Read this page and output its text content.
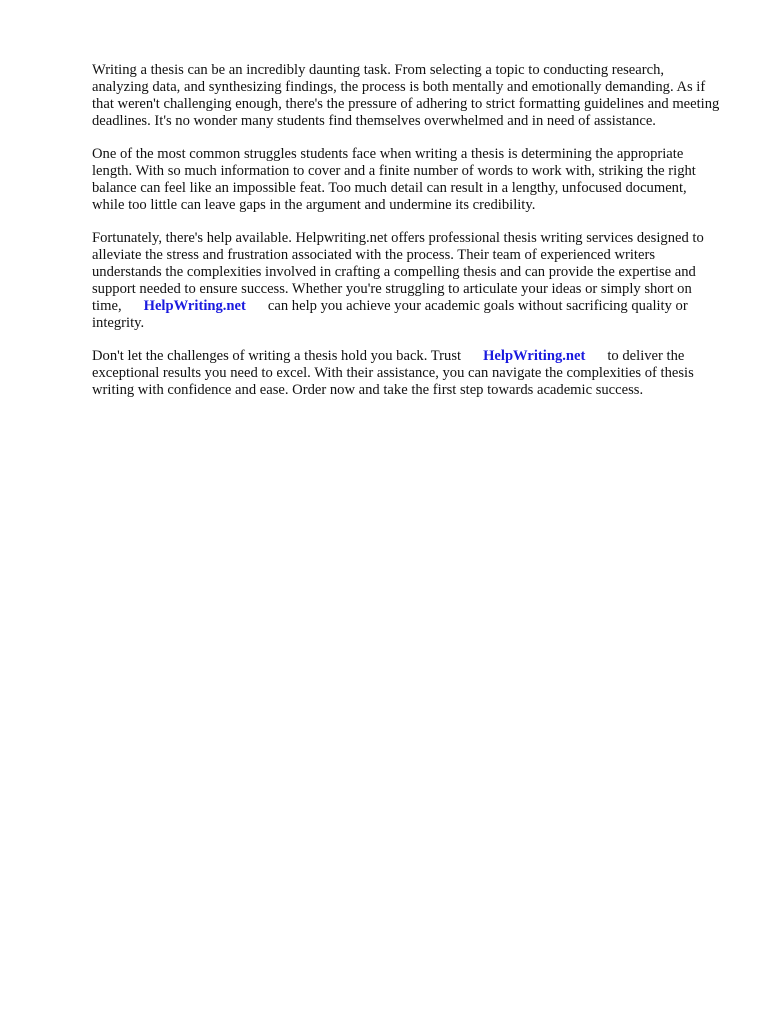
Writing a thesis can be an incredibly daunting task. From selecting a topic to conducting research, analyzing data, and synthesizing findings, the process is both mentally and emotionally demanding. As if that weren't challenging enough, there's the pressure of adhering to strict formatting guidelines and meeting deadlines. It's no wonder many students find themselves overwhelmed and in need of assistance.

One of the most common struggles students face when writing a thesis is determining the appropriate length. With so much information to cover and a finite number of words to work with, striking the right balance can feel like an impossible feat. Too much detail can result in a lengthy, unfocused document, while too little can leave gaps in the argument and undermine its credibility.

Fortunately, there's help available. Helpwriting.net offers professional thesis writing services designed to alleviate the stress and frustration associated with the process. Their team of experienced writers understands the complexities involved in crafting a compelling thesis and can provide the expertise and support needed to ensure success. Whether you're struggling to articulate your ideas or simply short on time, HelpWriting.net can help you achieve your academic goals without sacrificing quality or integrity.

Don't let the challenges of writing a thesis hold you back. Trust HelpWriting.net to deliver the exceptional results you need to excel. With their assistance, you can navigate the complexities of thesis writing with confidence and ease. Order now and take the first step towards academic success.
